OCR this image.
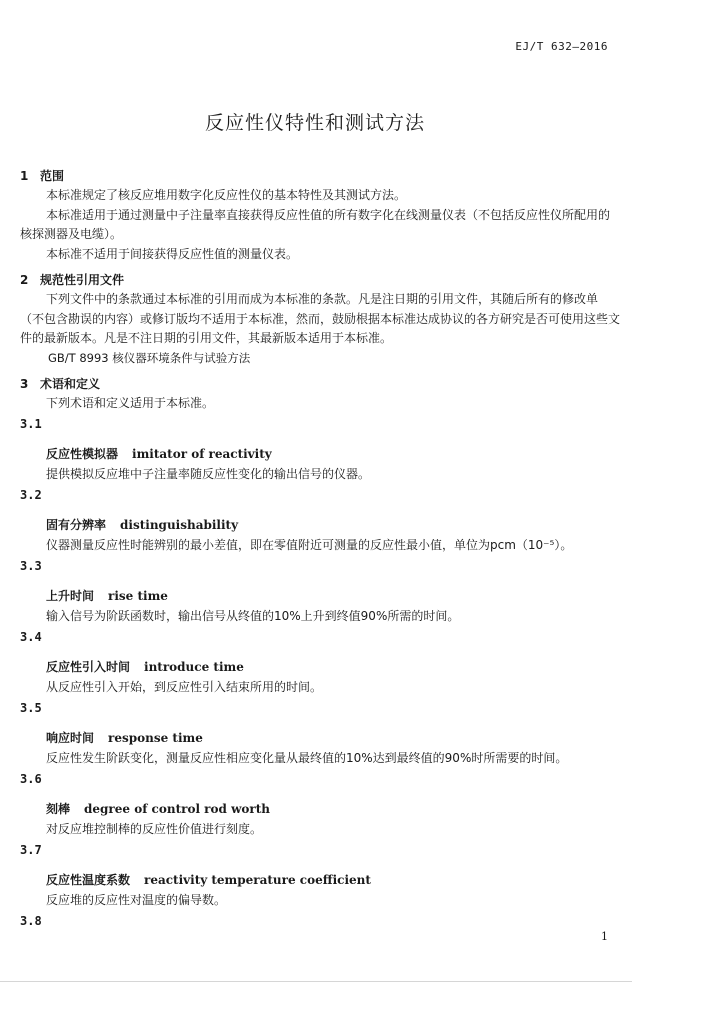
EJ/T 632—2016
反应性仪特性和测试方法
1 范围

本标准规定了核反应堆用数字化反应性仪的基本特性及其测试方法。

本标准适用于通过测量中子注量率直接获得反应性值的所有数字化在线测量仪表（不包括反应性仪所配用的核探测器及电缆）。

本标准不适用于间接获得反应性值的测量仪表。

2 规范性引用文件

下列文件中的条款通过本标准的引用而成为本标准的条款。凡是注日期的引用文件，其随后所有的修改单（不包含勘误的内容）或修订版均不适用于本标准，然而，鼓励根据本标准达成协议的各方研究是否可使用这些文件的最新版本。凡是不注日期的引用文件，其最新版本适用于本标准。

GB/T 8993 核仪器环境条件与试验方法
3 术语和定义

下列术语和定义适用于本标准。

3.1
反应性模拟器 imitator of reactivity
提供模拟反应堆中子注量率随反应性变化的输出信号的仪器。
3.2
固有分辨率 distinguishability
仪器测量反应性时能辨别的最小差值，即在零值附近可测量的反应性最小值，单位为pcm（10⁻⁵）。
3.3
上升时间 rise time
输入信号为阶跃函数时，输出信号从终值的10%上升到终值90%所需的时间。
3.4
反应性引入时间 introduce time
从反应性引入开始，到反应性引入结束所用的时间。
3.5
响应时间 response time
反应性发生阶跃变化，测量反应性相应变化量从最终值的10%达到最终值的90%时所需要的时间。
3.6
刻棒 degree of control rod worth
对反应堆控制棒的反应性价值进行刻度。
3.7
反应性温度系数 reactivity temperature coefficient
反应堆的反应性对温度的偏导数。
3.8
1
